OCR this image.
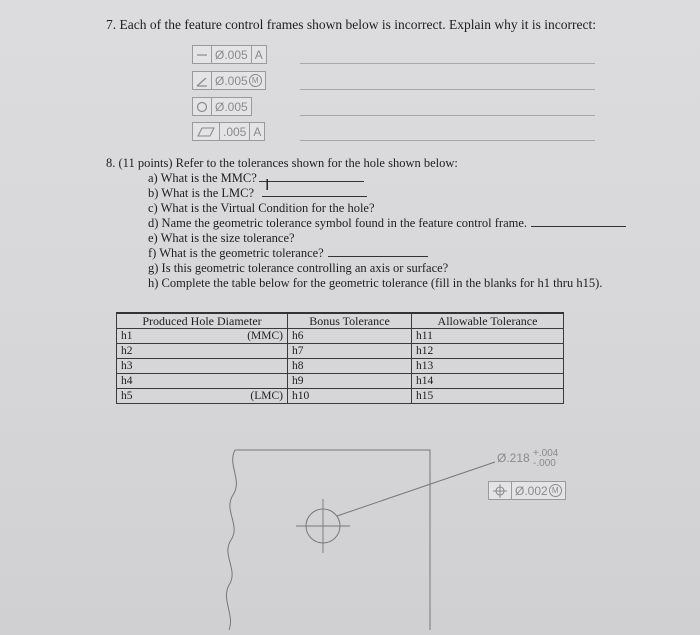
7. Each of the feature control frames shown below is incorrect. Explain why it is incorrect:
Ø.005 A
Ø.005 M
Ø.005
.005 A
8. (11 points) Refer to the tolerances shown for the hole shown below:
a) What is the MMC?
b) What is the LMC?
c) What is the Virtual Condition for the hole?
d) Name the geometric tolerance symbol found in the feature control frame.
e) What is the size tolerance?
f) What is the geometric tolerance?
g) Is this geometric tolerance controlling an axis or surface?
h) Complete the table below for the geometric tolerance (fill in the blanks for h1 thru h15).
I
Produced Hole Diameter	Bonus Tolerance	Allowable Tolerance
h1 (MMC)	h6	h11
h2	h7	h12
h3	h8	h13
h4	h9	h14
h5 (LMC)	h10	h15
Ø.218 +.004
-.000
Ø.002 M
